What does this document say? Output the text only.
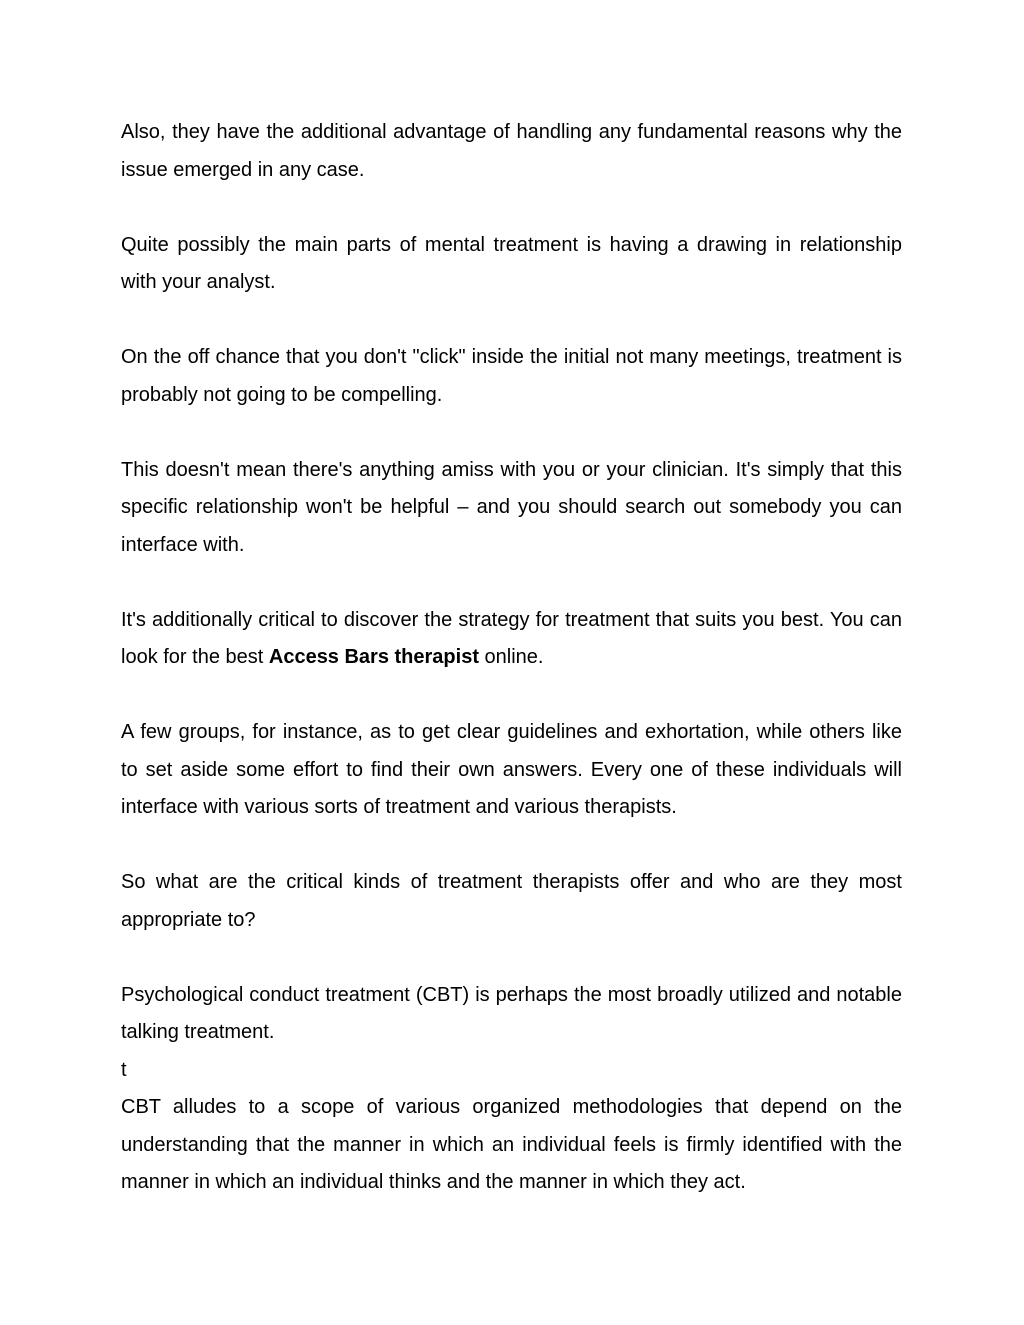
Also, they have the additional advantage of handling any fundamental reasons why the issue emerged in any case.

Quite possibly the main parts of mental treatment is having a drawing in relationship with your analyst.

On the off chance that you don't "click" inside the initial not many meetings, treatment is probably not going to be compelling.

This doesn't mean there's anything amiss with you or your clinician. It's simply that this specific relationship won't be helpful – and you should search out somebody you can interface with.

It's additionally critical to discover the strategy for treatment that suits you best. You can look for the best Access Bars therapist online.

A few groups, for instance, as to get clear guidelines and exhortation, while others like to set aside some effort to find their own answers. Every one of these individuals will interface with various sorts of treatment and various therapists.

So what are the critical kinds of treatment therapists offer and who are they most appropriate to?

Psychological conduct treatment (CBT) is perhaps the most broadly utilized and notable talking treatment.

t

CBT alludes to a scope of various organized methodologies that depend on the understanding that the manner in which an individual feels is firmly identified with the manner in which an individual thinks and the manner in which they act.
